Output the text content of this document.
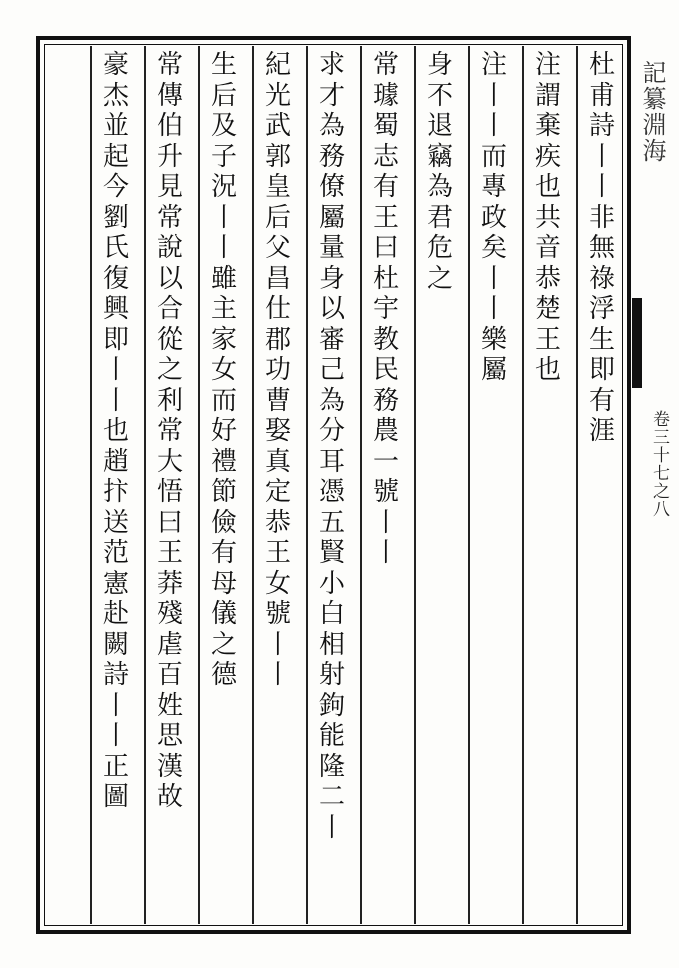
杜
甫
詩
丨
丨
非
無
祿
浮
生
即
有
涯
注
謂
棄
疾
也
共
音
恭
楚
王
也
注
丨
丨
而
專
政
矣
丨
丨
樂
屬
身
不
退
竊
為
君
危
之
常
璩
蜀
志
有
王
曰
杜
宇
教
民
務
農
一
號
丨
丨
求
才
為
務
僚
屬
量
身
以
審
己
為
分
耳
憑
五
賢
小
白
相
射
鉤
能
隆
二
丨
紀
光
武
郭
皇
后
父
昌
仕
郡
功
曹
娶
真
定
恭
王
女
號
丨
丨
生
后
及
子
況
丨
丨
雖
主
家
女
而
好
禮
節
儉
有
母
儀
之
德
常
傳
伯
升
見
常
說
以
合
從
之
利
常
大
悟
曰
王
莽
殘
虐
百
姓
思
漢
故
豪
杰
並
起
今
劉
氏
復
興
即
丨
丨
也
趙
抃
送
范
憲
赴
闕
詩
丨
丨
正
圖
記纂淵海
卷三十七之八
